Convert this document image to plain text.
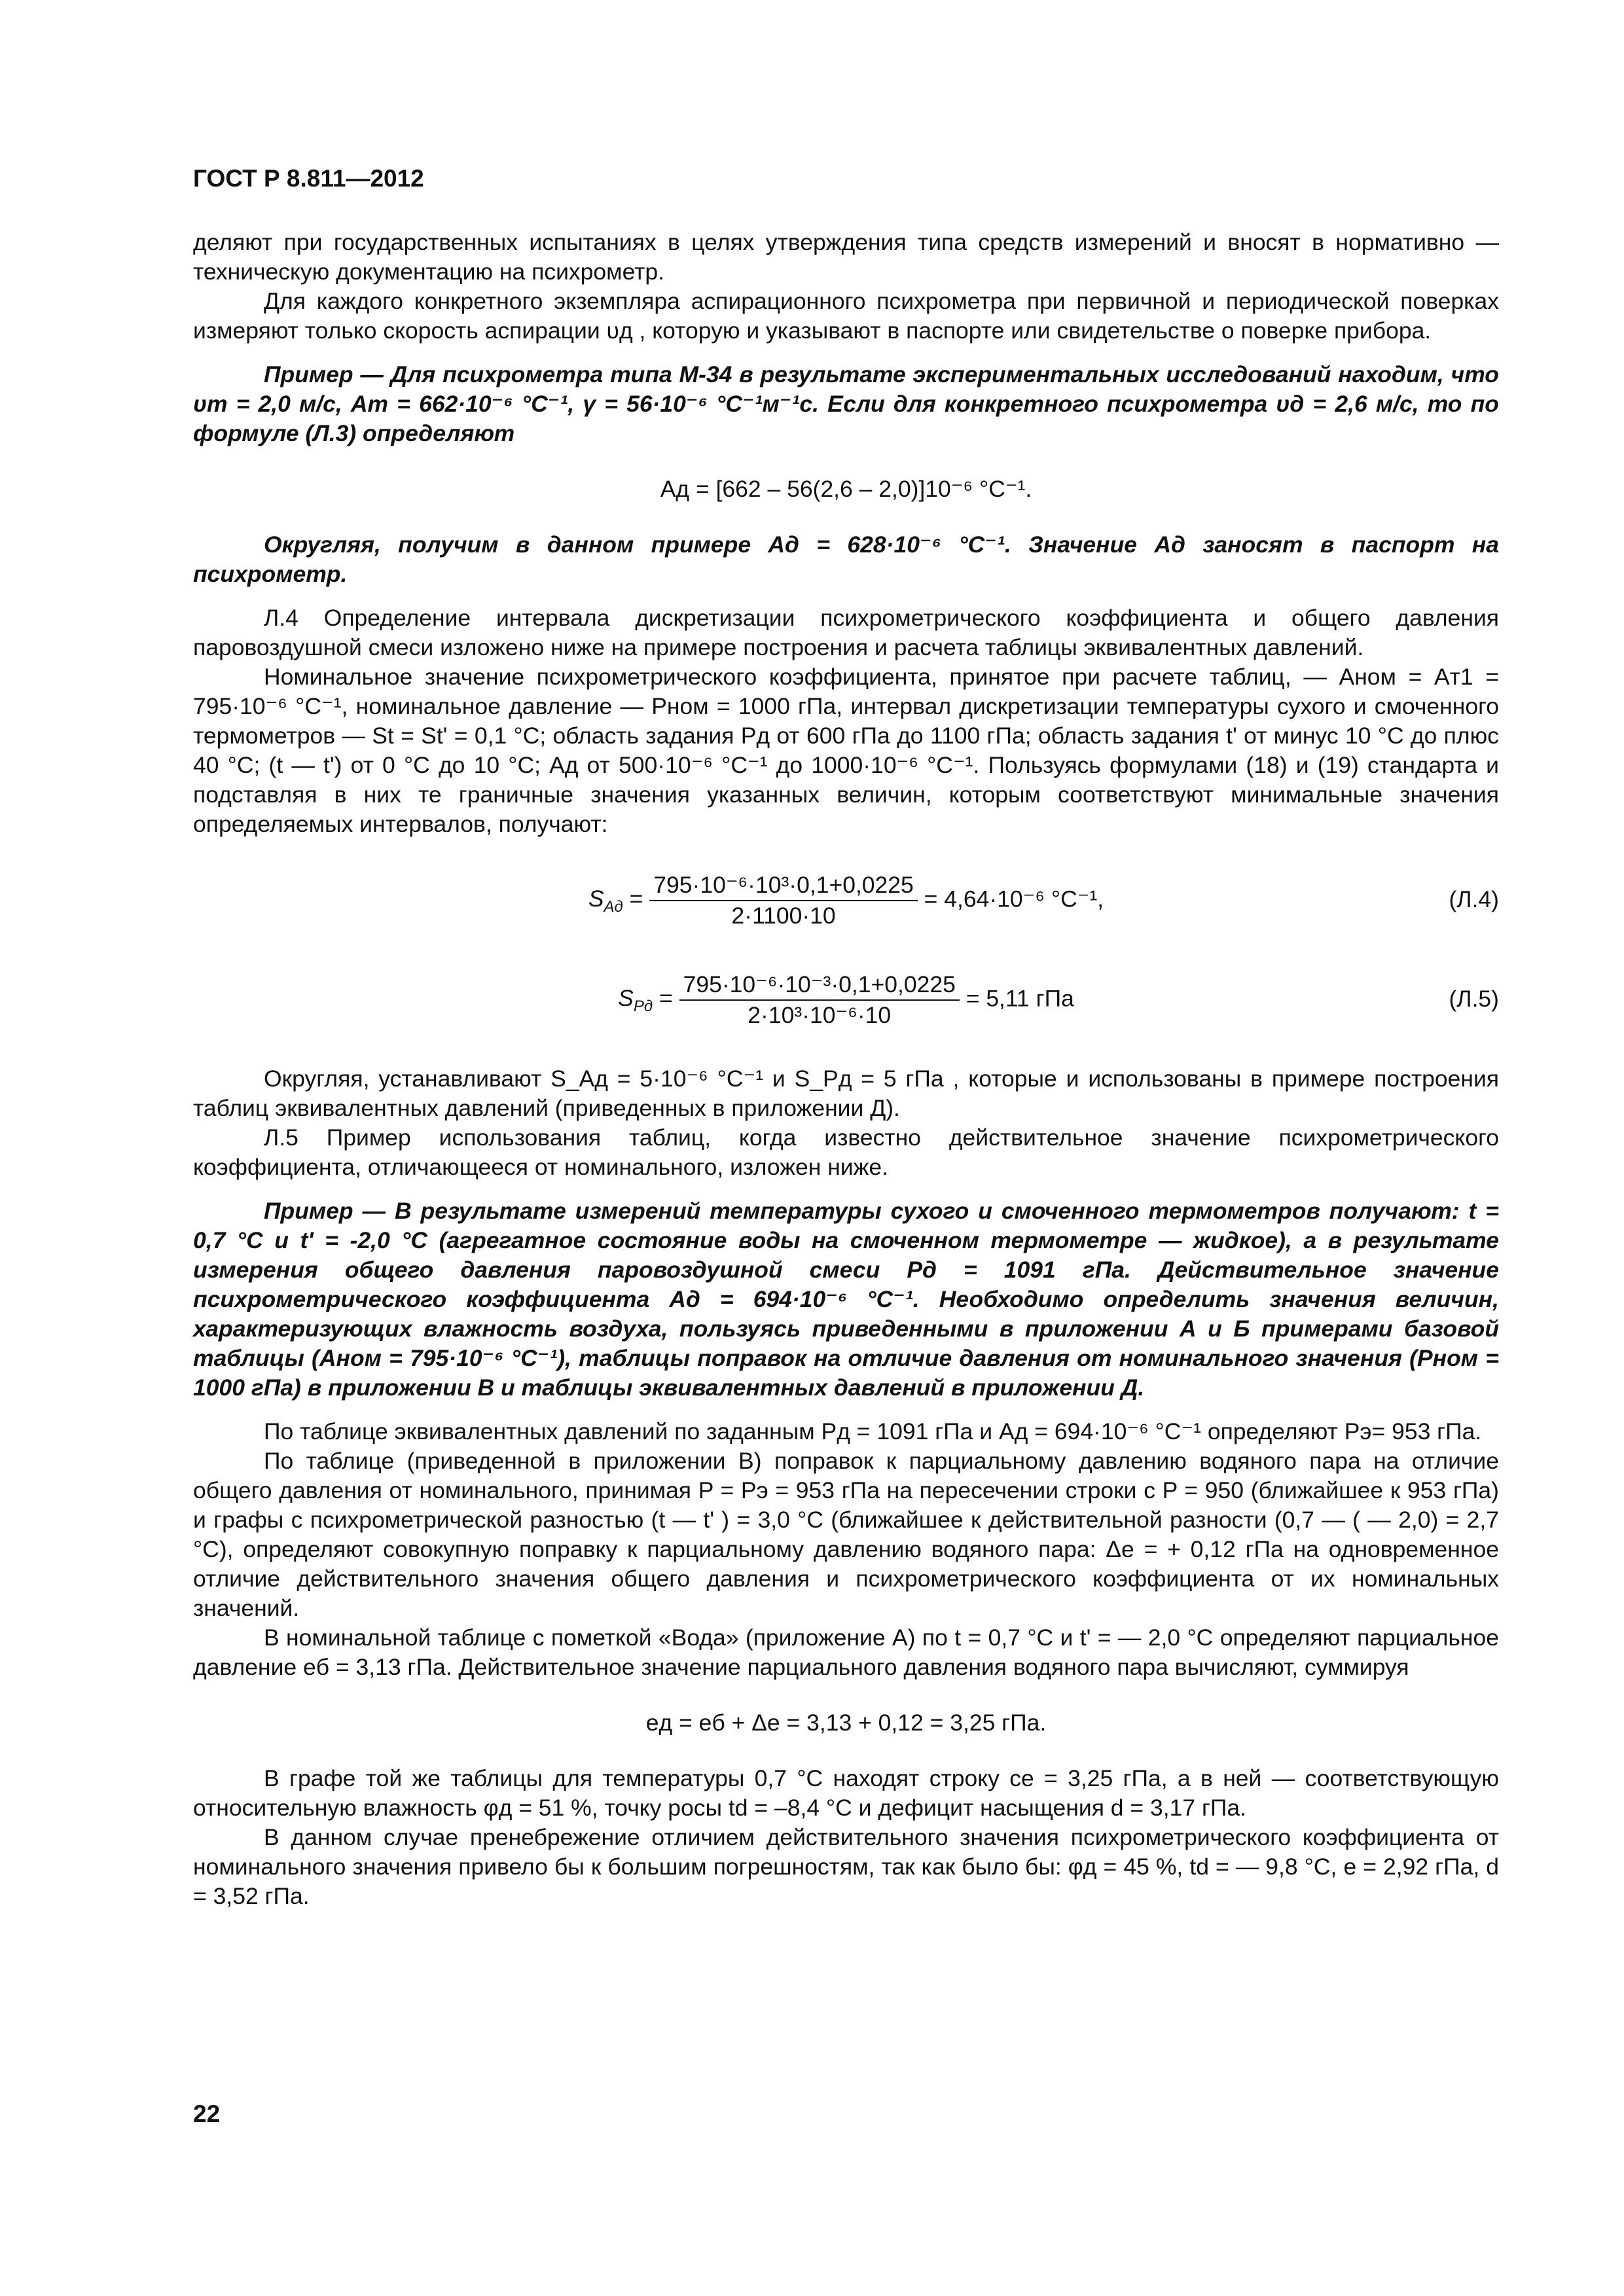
ГОСТ Р 8.811—2012

деляют при государственных испытаниях в целях утверждения типа средств измерений и вносят в нормативно — техническую документацию на психрометр.

Для каждого конкретного экземпляра аспирационного психрометра при первичной и периодической поверках измеряют только скорость аспирации υд , которую и указывают в паспорте или свидетельстве о поверке прибора.

Пример — Для психрометра типа М-34 в результате экспериментальных исследований находим, что υт = 2,0 м/с, Aт = 662·10⁻⁶ °С⁻¹, γ = 56·10⁻⁶ °С⁻¹м⁻¹с. Если для конкретного психрометра υд = 2,6 м/с, то по формуле (Л.3) определяют

Aд = [662 – 56(2,6 – 2,0)]10⁻⁶ °С⁻¹.

Округляя, получим в данном примере Aд = 628·10⁻⁶ °С⁻¹. Значение Aд заносят в паспорт на психрометр.

Л.4 Определение интервала дискретизации психрометрического коэффициента и общего давления паровоздушной смеси изложено ниже на примере построения и расчета таблицы эквивалентных давлений.

Номинальное значение психрометрического коэффициента, принятое при расчете таблиц, — Aном = Aт1 = 795·10⁻⁶ °С⁻¹, номинальное давление — Pном = 1000 гПа, интервал дискретизации температуры сухого и смоченного термометров — St = St' = 0,1 °С; область задания Pд от 600 гПа до 1100 гПа; область задания t' от минус 10 °С до плюс 40 °С; (t — t') от 0 °С до 10 °С; Aд от 500·10⁻⁶ °С⁻¹ до 1000·10⁻⁶ °С⁻¹. Пользуясь формулами (18) и (19) стандарта и подставляя в них те граничные значения указанных величин, которым соответствуют минимальные значения определяемых интервалов, получают:

$S_{Aд} = \frac{\text{795·10⁻⁶·10³·0,1+0,0225}}{2\cdot 1100\cdot 10} = 4,64\cdot 10^{-6}$ °С⁻¹,	(Л.4)
$S_{Pд} = \frac{\text{795·10⁻⁶·10⁻³·0,1+0,0225}}{\text{2·10³·10⁻⁶·10}} = 5,11$ гПа	(Л.5)

Округляя, устанавливают S_Aд = 5·10⁻⁶ °С⁻¹ и S_Pд = 5 гПа , которые и использованы в примере построения таблиц эквивалентных давлений (приведенных в приложении Д).

Л.5 Пример использования таблиц, когда известно действительное значение психрометрического коэффициента, отличающееся от номинального, изложен ниже.

Пример — В результате измерений температуры сухого и смоченного термометров получают: t = 0,7 °С и t' = -2,0 °С (агрегатное состояние воды на смоченном термометре — жидкое), а в результате измерения общего давления паровоздушной смеси Pд = 1091 гПа. Действительное значение психрометрического коэффициента Aд = 694·10⁻⁶ °С⁻¹. Необходимо определить значения величин, характеризующих влажность воздуха, пользуясь приведенными в приложении А и Б примерами базовой таблицы (Aном = 795·10⁻⁶ °С⁻¹), таблицы поправок на отличие давления от номинального значения (Pном = 1000 гПа) в приложении В и таблицы эквивалентных давлений в приложении Д.

По таблице эквивалентных давлений по заданным Pд = 1091 гПа и Aд = 694·10⁻⁶ °С⁻¹ определяют Pэ= 953 гПа.

По таблице (приведенной в приложении В) поправок к парциальному давлению водяного пара на отличие общего давления от номинального, принимая P = Pэ = 953 гПа на пересечении строки с P = 950 (ближайшее к 953 гПа) и графы с психрометрической разностью (t — t' ) = 3,0 °С (ближайшее к действительной разности (0,7 — ( — 2,0) = 2,7 °С), определяют совокупную поправку к парциальному давлению водяного пара: Δe = + 0,12 гПа на одновременное отличие действительного значения общего давления и психрометрического коэффициента от их номинальных значений.

В номинальной таблице с пометкой «Вода» (приложение А) по t = 0,7 °С и t' = — 2,0 °С определяют парциальное давление eб = 3,13 гПа. Действительное значение парциального давления водяного пара вычисляют, суммируя

eд = eб + Δe = 3,13 + 0,12 = 3,25 гПа.

В графе той же таблицы для температуры 0,7 °С находят строку сe = 3,25 гПа, а в ней — соответствующую относительную влажность φд = 51 %, точку росы td = –8,4 °С и дефицит насыщения d = 3,17 гПа.

В данном случае пренебрежение отличием действительного значения психрометрического коэффициента от номинального значения привело бы к большим погрешностям, так как было бы: φд = 45 %, td = — 9,8 °С, e = 2,92 гПа, d = 3,52 гПа.

22
